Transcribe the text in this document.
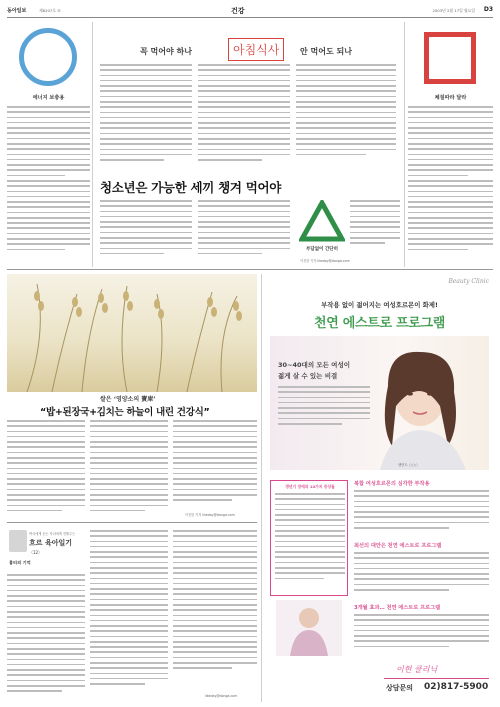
동아일보	제8207호 ⑤	건강	2003년 2월 17일 월요일 D3
에너지 보충용
꼭 먹어야 하나	아침식사	안 먹어도 되나
청소년은 가능한 세끼 챙겨 먹어야
부담없이 간단히
이진한 기자 likeday@donga.com
체질따라 달라
쌀은 ‘영양소의 寶庫’
“밥+된장국+김치는 하늘이 내린 건강식”
이진한 기자 likeday@donga.com
박사에게 듣는 자녀에게 전해주는
흐르 육아일기
〈12〉
흉터의 기억
likeday@donga.com
Beauty Clinic
부작용 없이 젊어지는 여성호르몬이 화제!
천연 에스트로 프로그램
30~40대의 모든 여성이
젊게 살 수 있는 비결
탤런트 ○○○
갱년기 장애의 14가지 증상들	복합 여성호르몬의 심각한 부작용
최선의 대안은 천연 에스트로 프로그램
3개월 효과… 천연 에스트로 프로그램
이현 클리닉
상담문의 02)817-5900
